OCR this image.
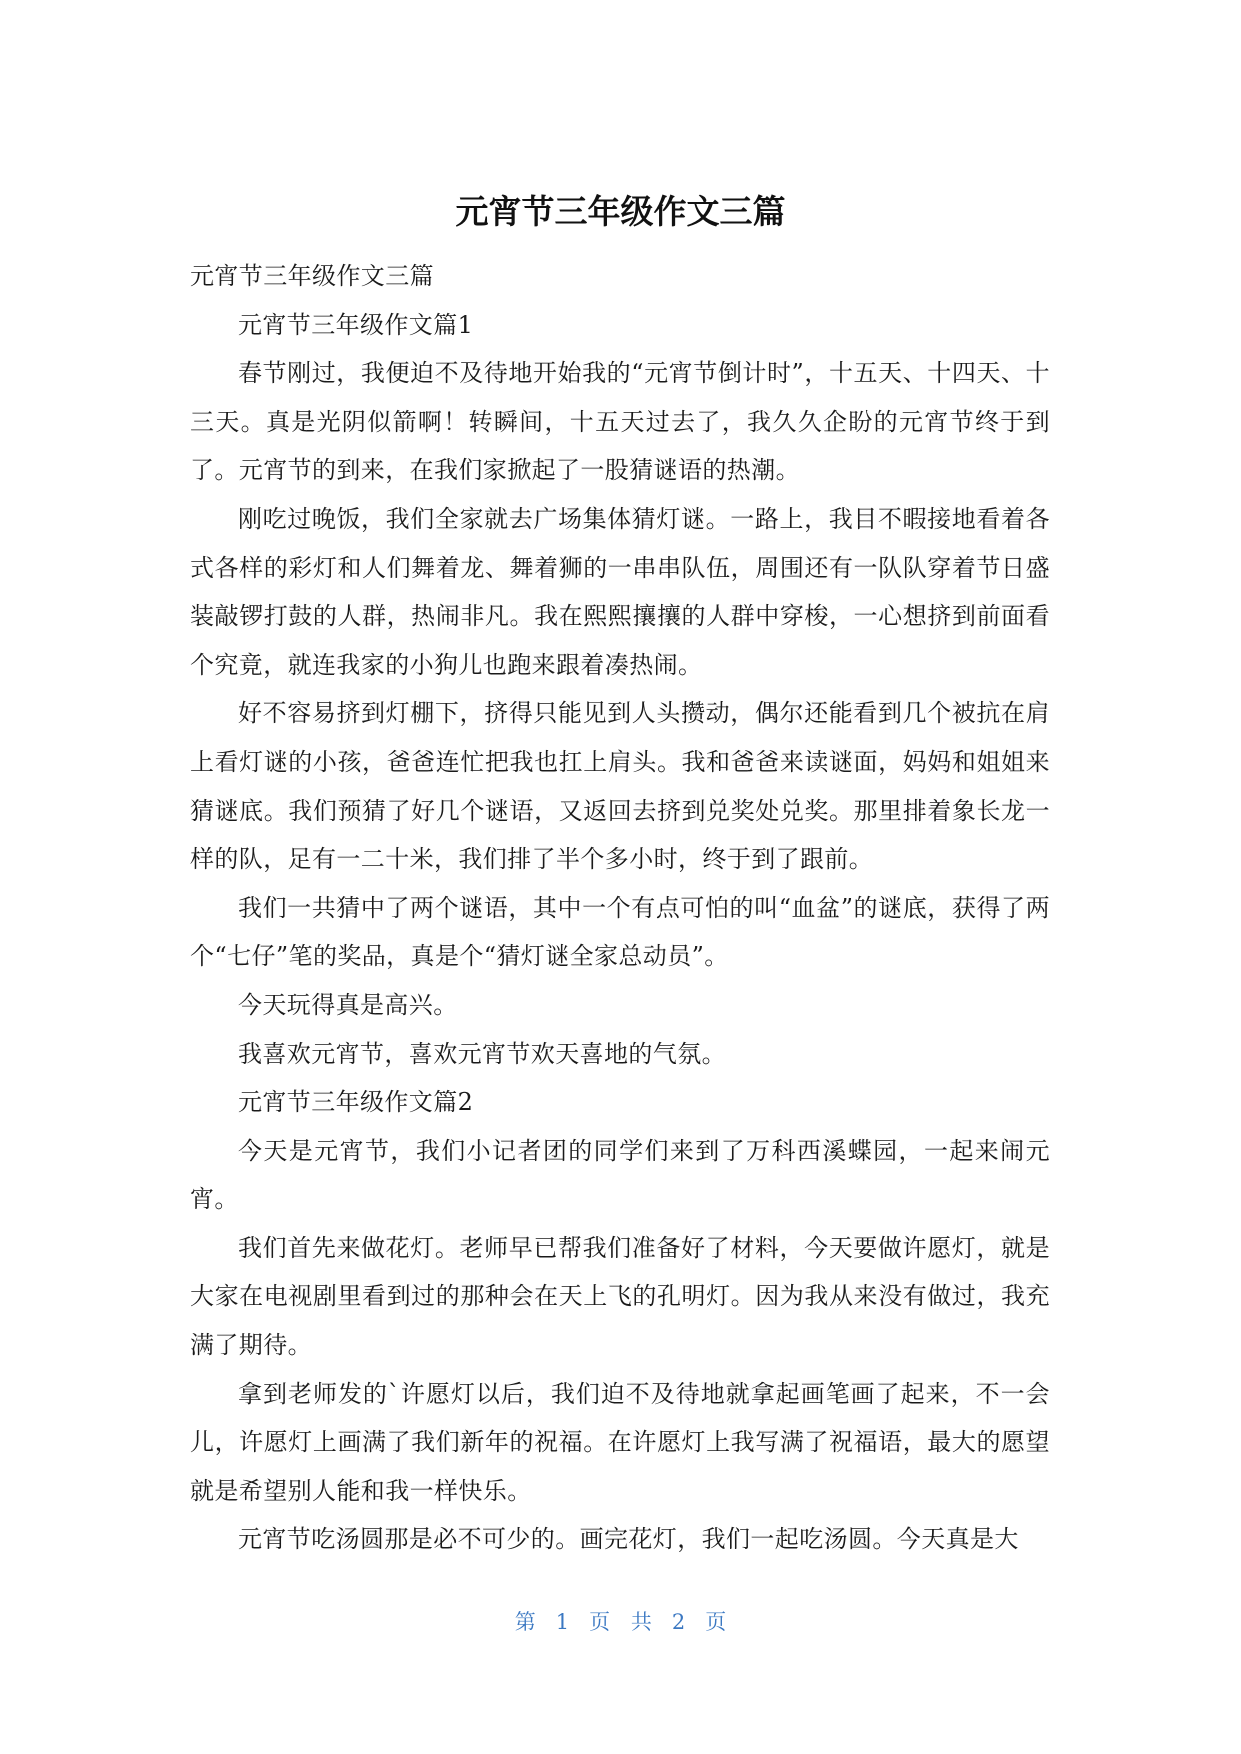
元宵节三年级作文三篇

元宵节三年级作文三篇

元宵节三年级作文篇1

春节刚过，我便迫不及待地开始我的“元宵节倒计时”，十五天、十四天、十三天。真是光阴似箭啊！转瞬间，十五天过去了，我久久企盼的元宵节终于到了。元宵节的到来，在我们家掀起了一股猜谜语的热潮。

刚吃过晚饭，我们全家就去广场集体猜灯谜。一路上，我目不暇接地看着各式各样的彩灯和人们舞着龙、舞着狮的一串串队伍，周围还有一队队穿着节日盛装敲锣打鼓的人群，热闹非凡。我在熙熙攘攘的人群中穿梭，一心想挤到前面看个究竟，就连我家的小狗儿也跑来跟着凑热闹。

好不容易挤到灯棚下，挤得只能见到人头攒动，偶尔还能看到几个被抗在肩上看灯谜的小孩，爸爸连忙把我也扛上肩头。我和爸爸来读谜面，妈妈和姐姐来猜谜底。我们预猜了好几个谜语，又返回去挤到兑奖处兑奖。那里排着象长龙一样的队，足有一二十米，我们排了半个多小时，终于到了跟前。

我们一共猜中了两个谜语，其中一个有点可怕的叫“血盆”的谜底，获得了两个“七仔”笔的奖品，真是个“猜灯谜全家总动员”。

今天玩得真是高兴。

我喜欢元宵节，喜欢元宵节欢天喜地的气氛。

元宵节三年级作文篇2

今天是元宵节，我们小记者团的同学们来到了万科西溪蝶园，一起来闹元宵。

我们首先来做花灯。老师早已帮我们准备好了材料，今天要做许愿灯，就是大家在电视剧里看到过的那种会在天上飞的孔明灯。因为我从来没有做过，我充满了期待。

拿到老师发的`许愿灯以后，我们迫不及待地就拿起画笔画了起来，不一会儿，许愿灯上画满了我们新年的祝福。在许愿灯上我写满了祝福语，最大的愿望就是希望别人能和我一样快乐。

元宵节吃汤圆那是必不可少的。画完花灯，我们一起吃汤圆。今天真是大

第 1 页 共 2 页
